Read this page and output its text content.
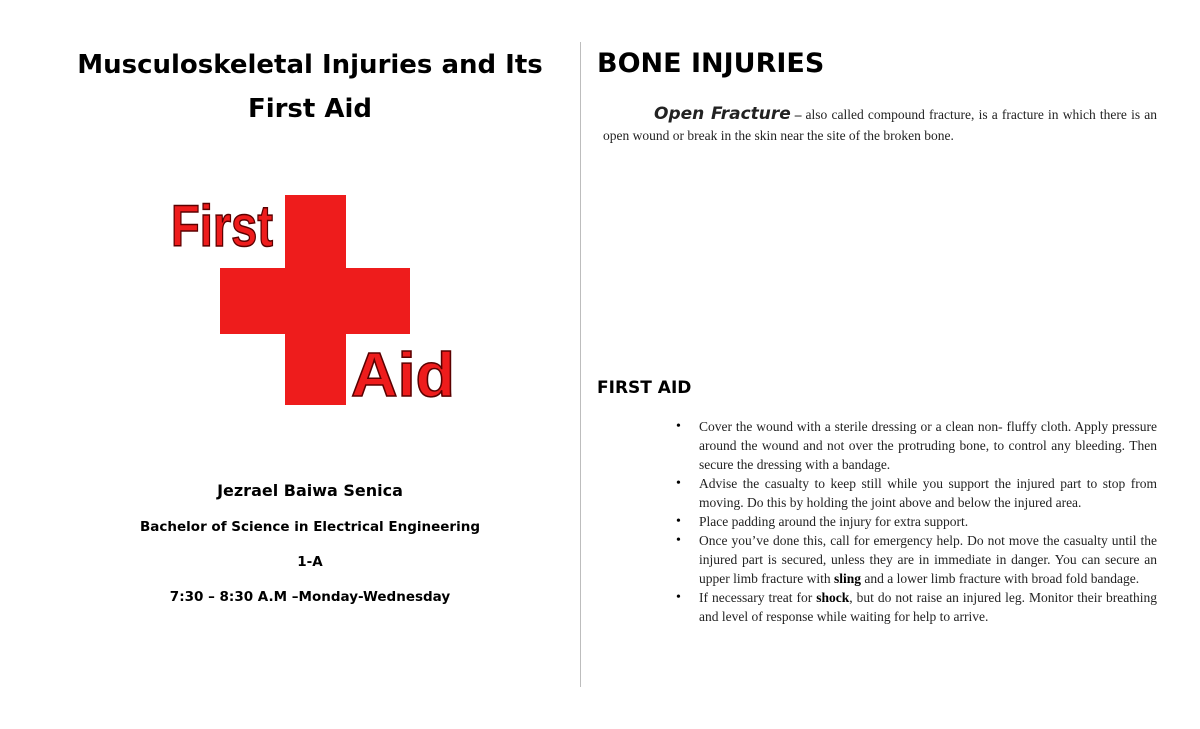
Musculoskeletal Injuries and Its
First Aid
First
Aid
Jezrael Baiwa Senica
Bachelor of Science in Electrical Engineering
1-A
7:30 – 8:30 A.M –Monday-Wednesday
BONE INJURIES
Open Fracture – also called compound fracture, is a fracture in which there is an open wound or break in the skin near the site of the broken bone.
FIRST AID
• Cover the wound with a sterile dressing or a clean non- fluffy cloth. Apply pressure around the wound and not over the protruding bone, to control any bleeding. Then secure the dressing with a bandage.
• Advise the casualty to keep still while you support the injured part to stop from moving. Do this by holding the joint above and below the injured area.
• Place padding around the injury for extra support.
• Once you’ve done this, call for emergency help. Do not move the casualty until the injured part is secured, unless they are in immediate in danger. You can secure an upper limb fracture with sling and a lower limb fracture with broad fold bandage.
• If necessary treat for shock, but do not raise an injured leg. Monitor their breathing and level of response while waiting for help to arrive.
